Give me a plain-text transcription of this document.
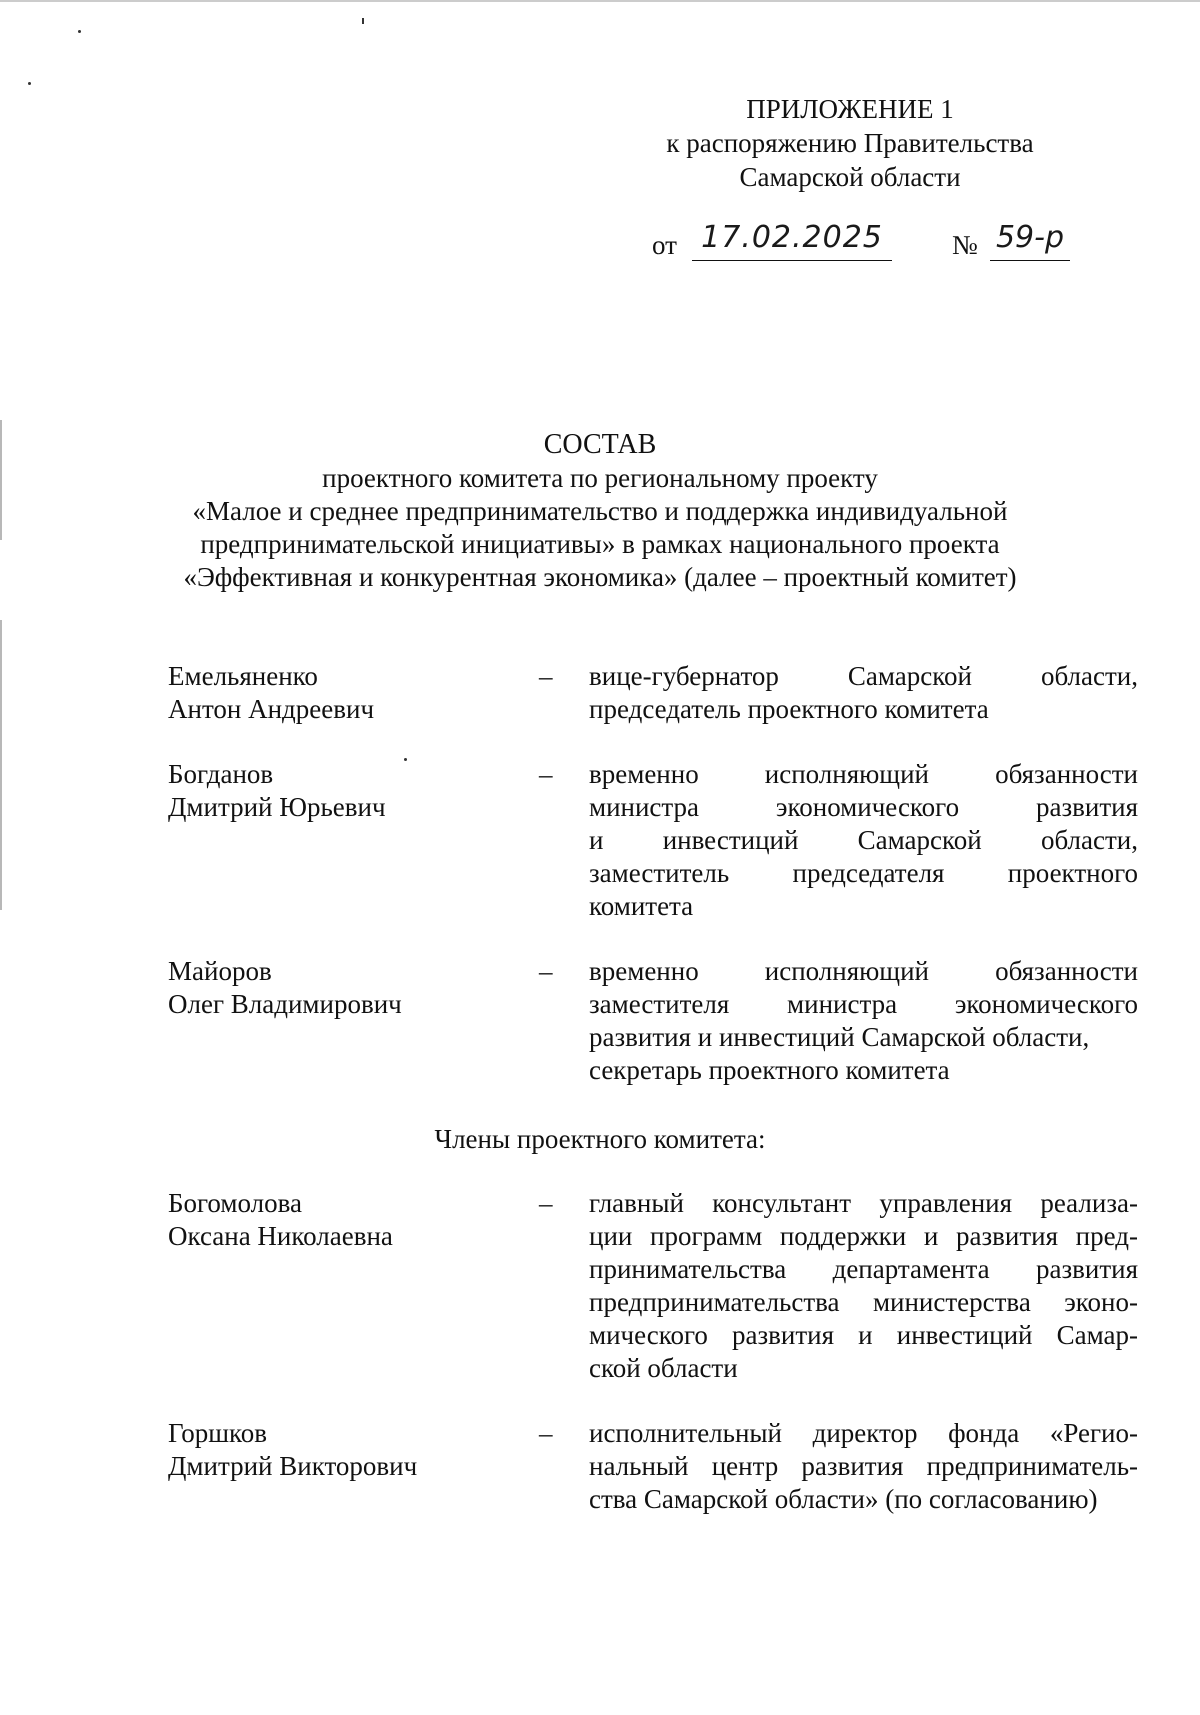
ПРИЛОЖЕНИЕ 1
к распоряжению Правительства
Самарской области
от 17.02.2025	№ 59-р
СОСТАВ
проектного комитета по региональному проекту
«Малое и среднее предпринимательство и поддержка индивидуальной
предпринимательской инициативы» в рамках национального проекта
«Эффективная и конкурентная экономика» (далее – проектный комитет)
Емельяненко
Антон Андреевич
– вице-губернатор	Самарской	области,
председатель проектного комитета
Богданов
Дмитрий Юрьевич
– временно исполняющий обязанности
министра	экономического	развития
и инвестиций Самарской области,
заместитель председателя проектного
комитета
Майоров
Олег Владимирович
– временно исполняющий обязанности
заместителя министра экономического
развития и инвестиций Самарской области,
секретарь проектного комитета
Богомолова
Оксана Николаевна
– главный консультант управления реализа-
ции программ поддержки и развития пред-
принимательства департамента развития
предпринимательства министерства эконо-
мического развития и инвестиций Самар-
ской области
Горшков
Дмитрий Викторович
– исполнительный директор фонда «Регио-
нальный центр развития предприниматель-
ства Самарской области» (по согласованию)
Члены проектного комитета:
